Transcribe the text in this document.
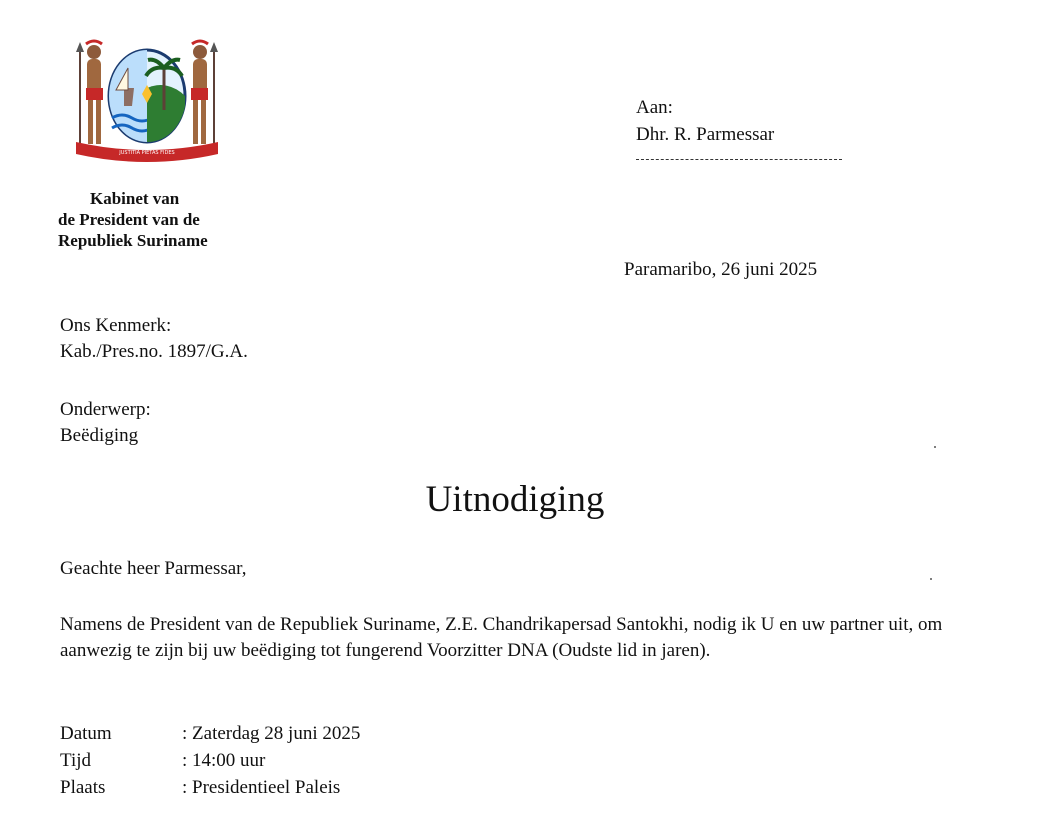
JUSTITIA PIETAS FIDES
Kabinet van
de President van de
Republiek Suriname
Aan:
Dhr. R. Parmessar
Paramaribo, 26 juni 2025
Ons Kenmerk:
Kab./Pres.no. 1897/G.A.
Onderwerp:
Beëdiging
Uitnodiging
Geachte heer Parmessar,
Namens de President van de Republiek Suriname, Z.E. Chandrikapersad Santokhi, nodig ik U en uw partner uit, om aanwezig te zijn bij uw beëdiging tot fungerend Voorzitter DNA (Oudste lid in jaren).
Datum	: Zaterdag 28 juni 2025
Tijd	: 14:00 uur
Plaats	: Presidentieel Paleis
